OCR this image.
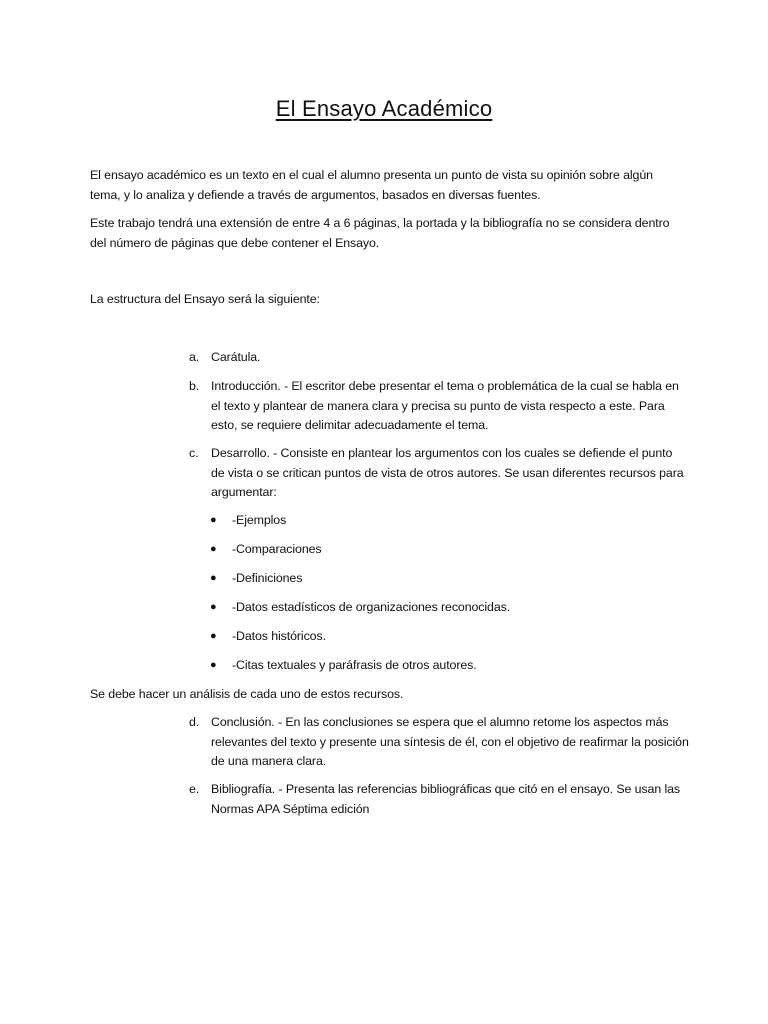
El Ensayo Académico
El ensayo académico es un texto en el cual el alumno presenta un punto de vista su opinión sobre algún tema, y lo analiza y defiende a través de argumentos, basados en diversas fuentes.
Este trabajo tendrá una extensión de entre 4 a 6 páginas, la portada y la bibliografía no se considera dentro del número de páginas que debe contener el Ensayo.
La estructura del Ensayo será la siguiente:
a. Carátula.
b. Introducción. - El escritor debe presentar el tema o problemática de la cual se habla en el texto y plantear de manera clara y precisa su punto de vista respecto a este. Para esto, se requiere delimitar adecuadamente el tema.
c.	Desarrollo. - Consiste en plantear los argumentos con los cuales se defiende el punto de vista o se critican puntos de vista de otros autores. Se usan diferentes recursos para argumentar:
●	-Ejemplos
●	-Comparaciones
●	-Definiciones
●	-Datos estadísticos de organizaciones reconocidas.
●	-Datos históricos.
●	-Citas textuales y paráfrasis de otros autores.
Se debe hacer un análisis de cada uno de estos recursos.
d. Conclusión. - En las conclusiones se espera que el alumno retome los aspectos más relevantes del texto y presente una síntesis de él, con el objetivo de reafirmar la posición de una manera clara.
e. Bibliografía. - Presenta las referencias bibliográficas que citó en el ensayo. Se usan las Normas APA Séptima edición
